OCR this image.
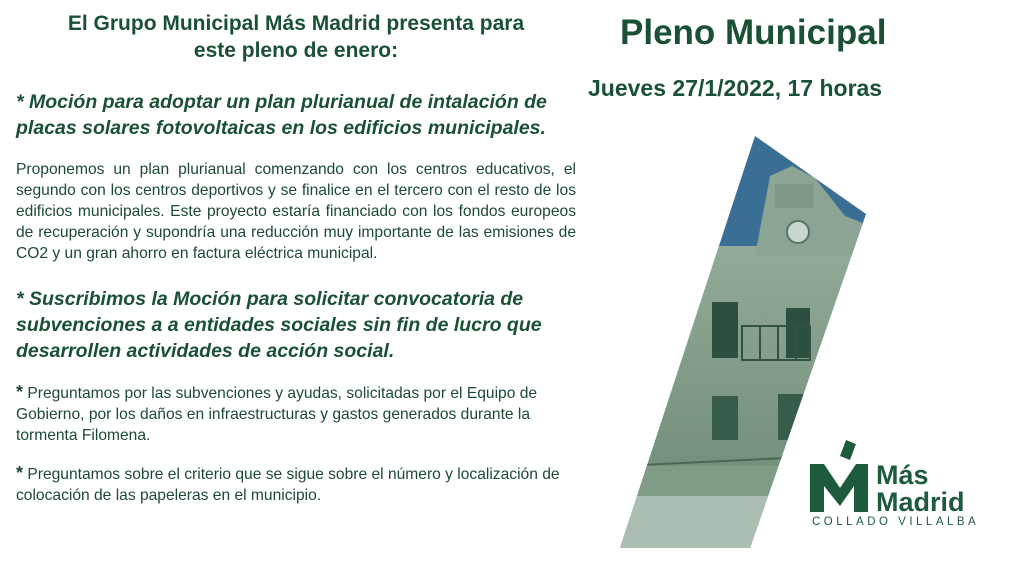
El Grupo Municipal Más Madrid presenta para
este pleno de enero:

* Moción para adoptar un plan plurianual de intalación de placas solares fotovoltaicas en los edificios municipales.

Proponemos un plan plurianual comenzando con los centros educativos, el segundo con los centros deportivos y se finalice en el tercero con el resto de los edificios municipales. Este proyecto estaría financiado con los fondos europeos de recuperación y supondría una reducción muy importante de las emisiones de CO2 y un gran ahorro en factura eléctrica municipal.

* Suscribimos la Moción para solicitar convocatoria de subvenciones a a entidades sociales sin fin de lucro que desarrollen actividades de acción social.

* Preguntamos por las subvenciones y ayudas, solicitadas por el Equipo de Gobierno, por los daños en infraestructuras y gastos generados durante la tormenta Filomena.

* Preguntamos sobre el criterio que se sigue sobre el número y localización de colocación de las papeleras en el municipio.

Pleno Municipal
Jueves 27/1/2022, 17 horas

Más

Madrid

COLLADO VILLALBA
